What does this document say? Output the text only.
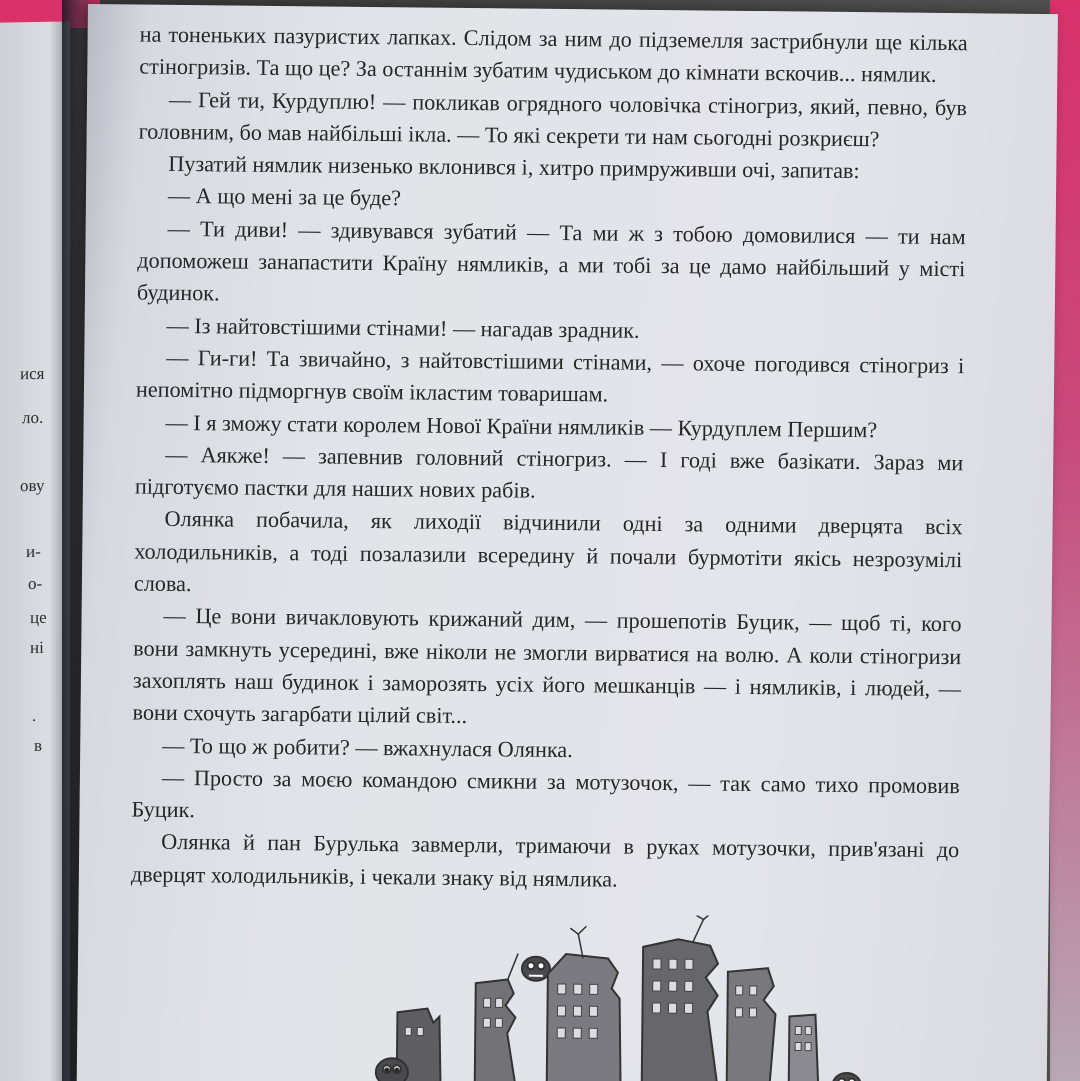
ися
ло.
ову
и-
о-
це
ні
.
в

на тоненьких пазуристих лапках. Слідом за ним до підземелля застрибнули ще кілька стіногризів. Та що це? За останнім зубатим чудиськом до кімнати вскочив... нямлик.

— Гей ти, Курдуплю! — покликав огрядного чоловічка стіногриз, який, певно, був головним, бо мав найбільші ікла. — То які секрети ти нам сьогодні розкриєш?

Пузатий нямлик низенько вклонився і, хитро примруживши очі, запитав:

— А що мені за це буде?

— Ти диви! — здивувався зубатий — Та ми ж з тобою домовилися — ти нам допоможеш занапастити Країну нямликів, а ми тобі за це дамо найбільший у місті будинок.

— Із найтовстішими стінами! — нагадав зрадник.

— Ги-ги! Та звичайно, з найтовстішими стінами, — охоче погодився стіногриз і непомітно підморгнув своїм ікластим товаришам.

— І я зможу стати королем Нової Країни нямликів — Курдуплем Першим?

— Аякже! — запевнив головний стіногриз. — І годі вже базікати. Зараз ми підготуємо пастки для наших нових рабів.

Олянка побачила, як лиходії відчинили одні за одними дверцята всіх холодильників, а тоді позалазили всередину й почали бурмотіти якісь незрозумілі слова.

— Це вони вичакловують крижаний дим, — прошепотів Буцик, — щоб ті, кого вони замкнуть усередині, вже ніколи не змогли вирватися на волю. А коли стіногризи захоплять наш будинок і заморозять усіх його мешканців — і нямликів, і людей, — вони схочуть загарбати цілий світ...

— То що ж робити? — вжахнулася Олянка.

— Просто за моєю командою смикни за мотузочок, — так само тихо промовив Буцик.

Олянка й пан Бурулька завмерли, тримаючи в руках мотузочки, прив'язані до дверцят холодильників, і чекали знаку від нямлика.
